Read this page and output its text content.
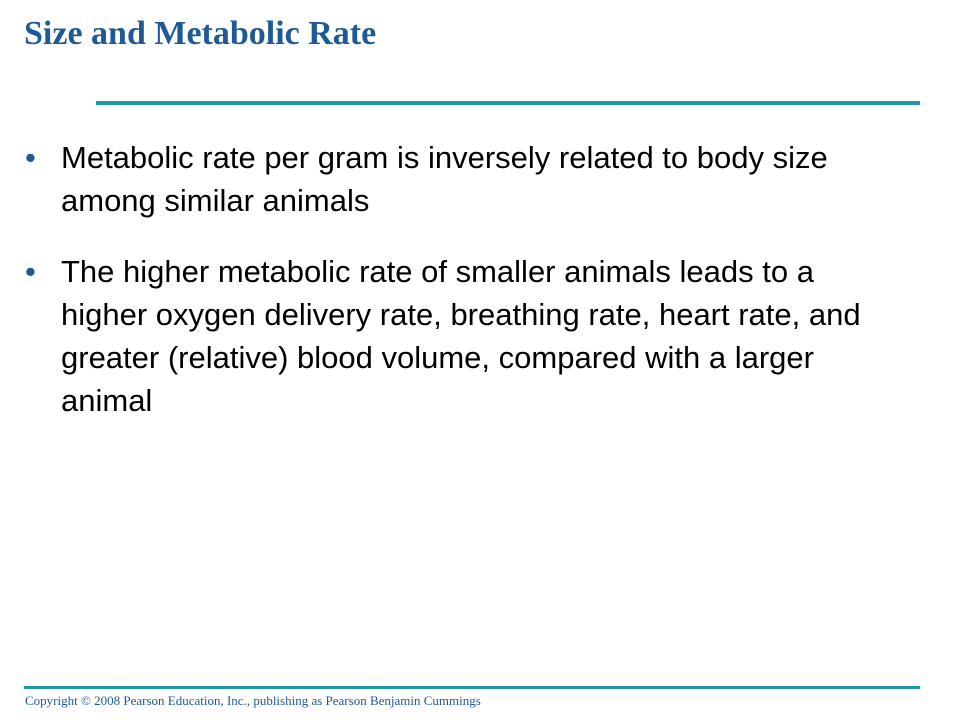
Size and Metabolic Rate
• Metabolic rate per gram is inversely related to body size among similar animals
• The higher metabolic rate of smaller animals leads to a higher oxygen delivery rate, breathing rate, heart rate, and greater (relative) blood volume, compared with a larger animal

Copyright © 2008 Pearson Education, Inc., publishing as Pearson Benjamin Cummings
